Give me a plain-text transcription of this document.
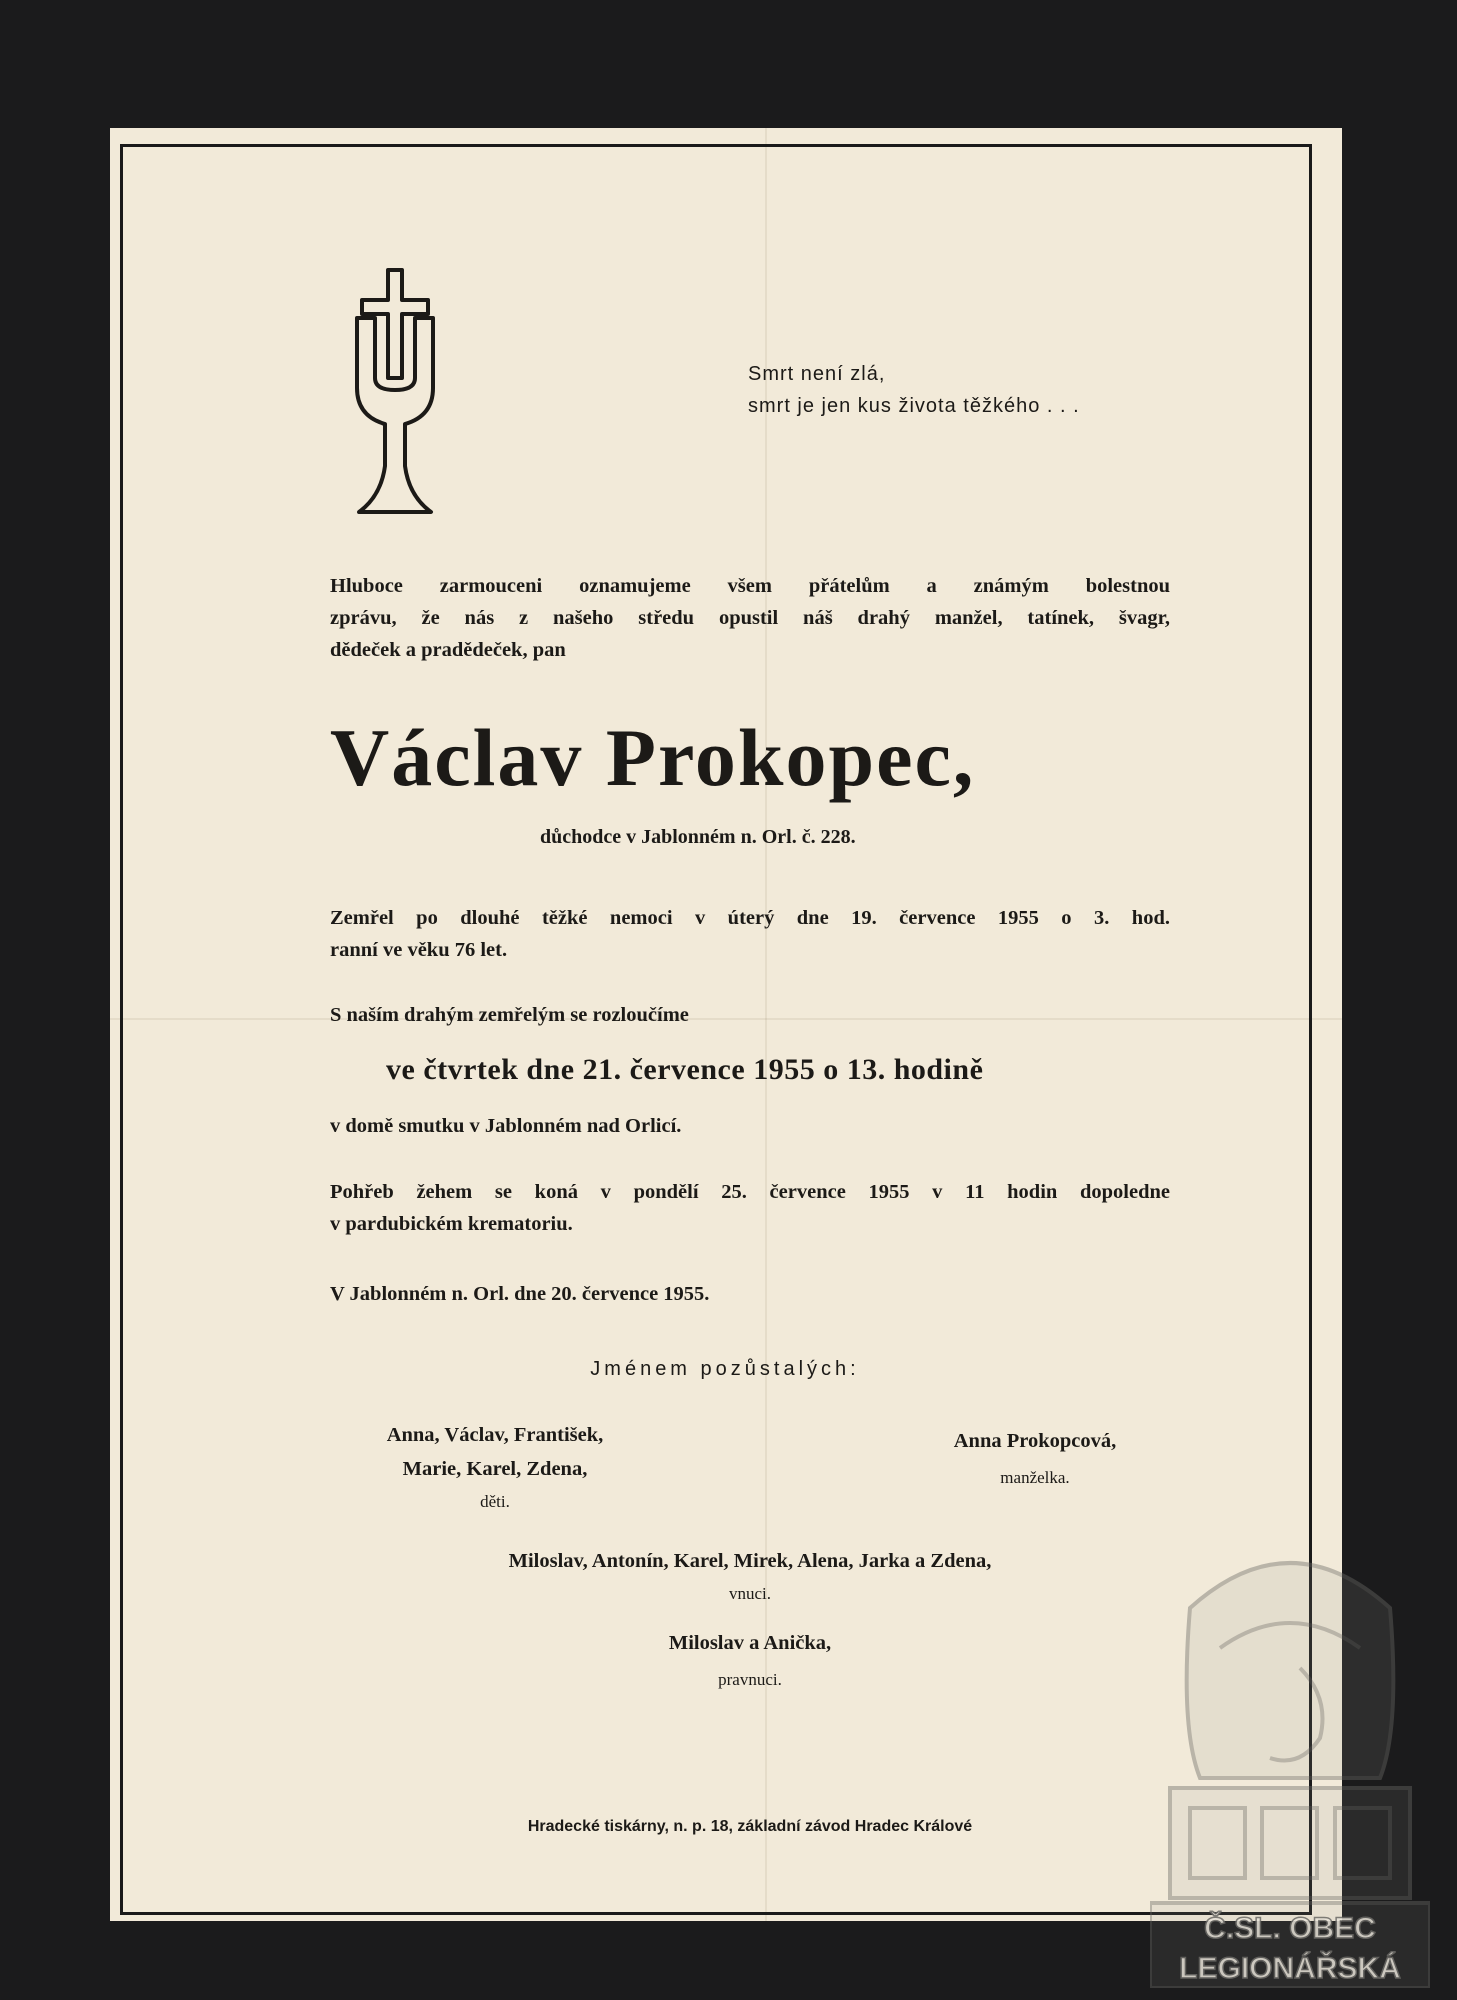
Smrt není zlá,
smrt je jen kus života těžkého . . .
Hluboce zarmouceni oznamujeme všem přátelům a známým bolestnou
zprávu, že nás z našeho středu opustil náš drahý manžel, tatínek, švagr,
dědeček a pradědeček, pan
Václav Prokopec,
důchodce v Jablonném n. Orl. č. 228.
Zemřel po dlouhé těžké nemoci v úterý dne 19. července 1955 o 3. hod.
ranní ve věku 76 let.
S naším drahým zemřelým se rozloučíme
ve čtvrtek dne 21. července 1955 o 13. hodině
v domě smutku v Jablonném nad Orlicí.
Pohřeb žehem se koná v pondělí 25. července 1955 v 11 hodin dopoledne
v pardubickém krematoriu.
V Jablonném n. Orl. dne 20. července 1955.
Jménem pozůstalých:
Anna, Václav, František,
Marie, Karel, Zdena,
děti.
Anna Prokopcová,
manželka.
Miloslav, Antonín, Karel, Mirek, Alena, Jarka a Zdena,
vnuci.
Miloslav a Anička,
pravnuci.
Hradecké tiskárny, n. p. 18, základní závod Hradec Králové
Č.SL. OBEC
LEGIONÁŘSKÁ
